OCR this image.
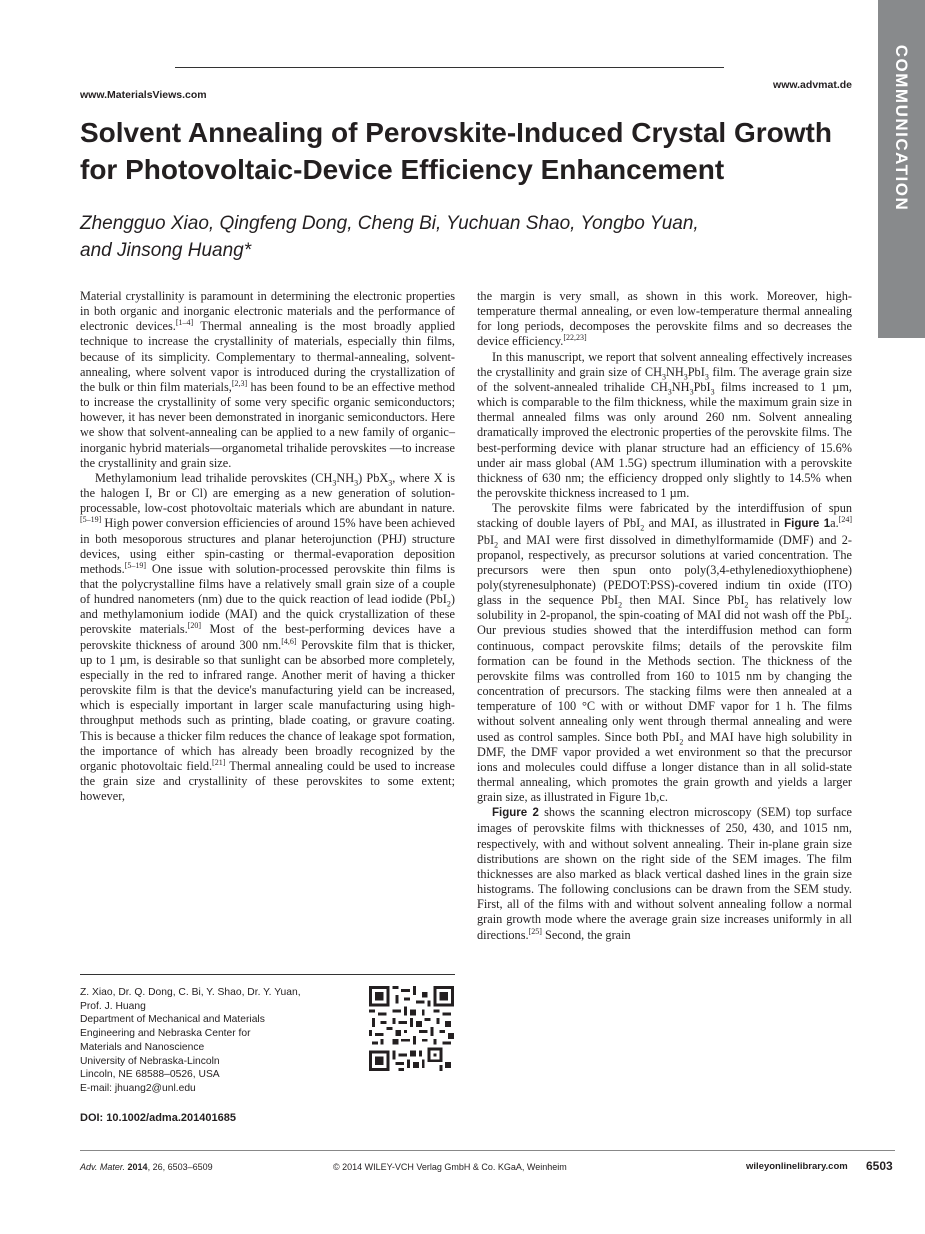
www.MaterialsViews.com
www.advmat.de COMMUNICATION
Solvent Annealing of Perovskite-Induced Crystal Growth for Photovoltaic-Device Efficiency Enhancement
Zhengguo Xiao, Qingfeng Dong, Cheng Bi, Yuchuan Shao, Yongbo Yuan,
and Jinsong Huang*

Material crystallinity is paramount in determining the electronic properties in both organic and inorganic electronic materials and the performance of electronic devices.[1–4] Thermal annealing is the most broadly applied technique to increase the crystallinity of materials, especially thin films, because of its simplicity. Complementary to thermal-annealing, solvent-annealing, where solvent vapor is introduced during the crystallization of the bulk or thin film materials,[2,3] has been found to be an effective method to increase the crystallinity of some very specific organic semiconductors; however, it has never been demonstrated in inorganic semiconductors. Here we show that solvent-annealing can be applied to a new family of organic–inorganic hybrid materials—organometal trihalide perovskites —to increase the crystallinity and grain size.

Methylamonium lead trihalide perovskites $(CH_3NH_3)$ PbX$_3$, where X is the halogen I, Br or Cl) are emerging as a new generation of solution-processable, low-cost photovoltaic materials which are abundant in nature.[5–19] High power conversion efficiencies of around 15% have been achieved in both mesoporous structures and planar heterojunction (PHJ) structure devices, using either spin-casting or thermal-evaporation deposition methods.[5–19] One issue with solution-processed perovskite thin films is that the polycrystalline films have a relatively small grain size of a couple of hundred nanometers (nm) due to the quick reaction of lead iodide (PbI$_2$) and methylamonium iodide (MAI) and the quick crystallization of these perovskite materials.[20] Most of the best-performing devices have a perovskite thickness of around 300 nm.[4,6] Perovskite film that is thicker, up to 1 µm, is desirable so that sunlight can be absorbed more completely, especially in the red to infrared range. Another merit of having a thicker perovskite film is that the device's manufacturing yield can be increased, which is especially important in larger scale manufacturing using high-throughput methods such as printing, blade coating, or gravure coating. This is because a thicker film reduces the chance of leakage spot formation, the importance of which has already been broadly recognized by the organic photovoltaic field.[21] Thermal annealing could be used to increase the grain size and crystallinity of these perovskites to some extent; however,

the margin is very small, as shown in this work. Moreover, high-temperature thermal annealing, or even low-temperature thermal annealing for long periods, decomposes the perovskite films and so decreases the device efficiency.[22,23]

In this manuscript, we report that solvent annealing effectively increases the crystallinity and grain size of $CH_3NH_3PbI_3$ film. The average grain size of the solvent-annealed trihalide $CH_3NH_3PbI_3$ films increased to 1 µm, which is comparable to the film thickness, while the maximum grain size in thermal annealed films was only around 260 nm. Solvent annealing dramatically improved the electronic properties of the perovskite films. The best-performing device with planar structure had an efficiency of 15.6% under air mass global (AM 1.5G) spectrum illumination with a perovskite thickness of 630 nm; the efficiency dropped only slightly to 14.5% when the perovskite thickness increased to 1 µm.

The perovskite films were fabricated by the interdiffusion of spun stacking of double layers of PbI$_2$ and MAI, as illustrated in Figure 1a.[24] PbI$_2$ and MAI were first dissolved in dimethylformamide (DMF) and 2-propanol, respectively, as precursor solutions at varied concentration. The precursors were then spun onto poly(3,4-ethylenedioxythiophene) poly(styrenesulphonate) (PEDOT:PSS)-covered indium tin oxide (ITO) glass in the sequence PbI$_2$ then MAI. Since PbI$_2$ has relatively low solubility in 2-propanol, the spin-coating of MAI did not wash off the PbI$_2$. Our previous studies showed that the interdiffusion method can form continuous, compact perovskite films; details of the perovskite film formation can be found in the Methods section. The thickness of the perovskite films was controlled from 160 to 1015 nm by changing the concentration of precursors. The stacking films were then annealed at a temperature of 100 °C with or without DMF vapor for 1 h. The films without solvent annealing only went through thermal annealing and were used as control samples. Since both PbI$_2$ and MAI have high solubility in DMF, the DMF vapor provided a wet environment so that the precursor ions and molecules could diffuse a longer distance than in all solid-state thermal annealing, which promotes the grain growth and yields a larger grain size, as illustrated in Figure 1b,c.

Figure 2 shows the scanning electron microscopy (SEM) top surface images of perovskite films with thicknesses of 250, 430, and 1015 nm, respectively, with and without solvent annealing. Their in-plane grain size distributions are shown on the right side of the SEM images. The film thicknesses are also marked as black vertical dashed lines in the grain size histograms. The following conclusions can be drawn from the SEM study. First, all of the films with and without solvent annealing follow a normal grain growth mode where the average grain size increases uniformly in all directions.[25] Second, the grain

Z. Xiao, Dr. Q. Dong, C. Bi, Y. Shao, Dr. Y. Yuan,
Prof. J. Huang
Department of Mechanical and Materials
Engineering and Nebraska Center for
Materials and Nanoscience
University of Nebraska-Lincoln
Lincoln, NE 68588–0526, USA
E-mail: jhuang2@unl.edu
DOI: 10.1002/adma.201401685
Adv. Mater. 2014, 26, 6503–6509	© 2014 WILEY-VCH Verlag GmbH & Co. KGaA, Weinheim	wileyonlinelibrary.com 6503
